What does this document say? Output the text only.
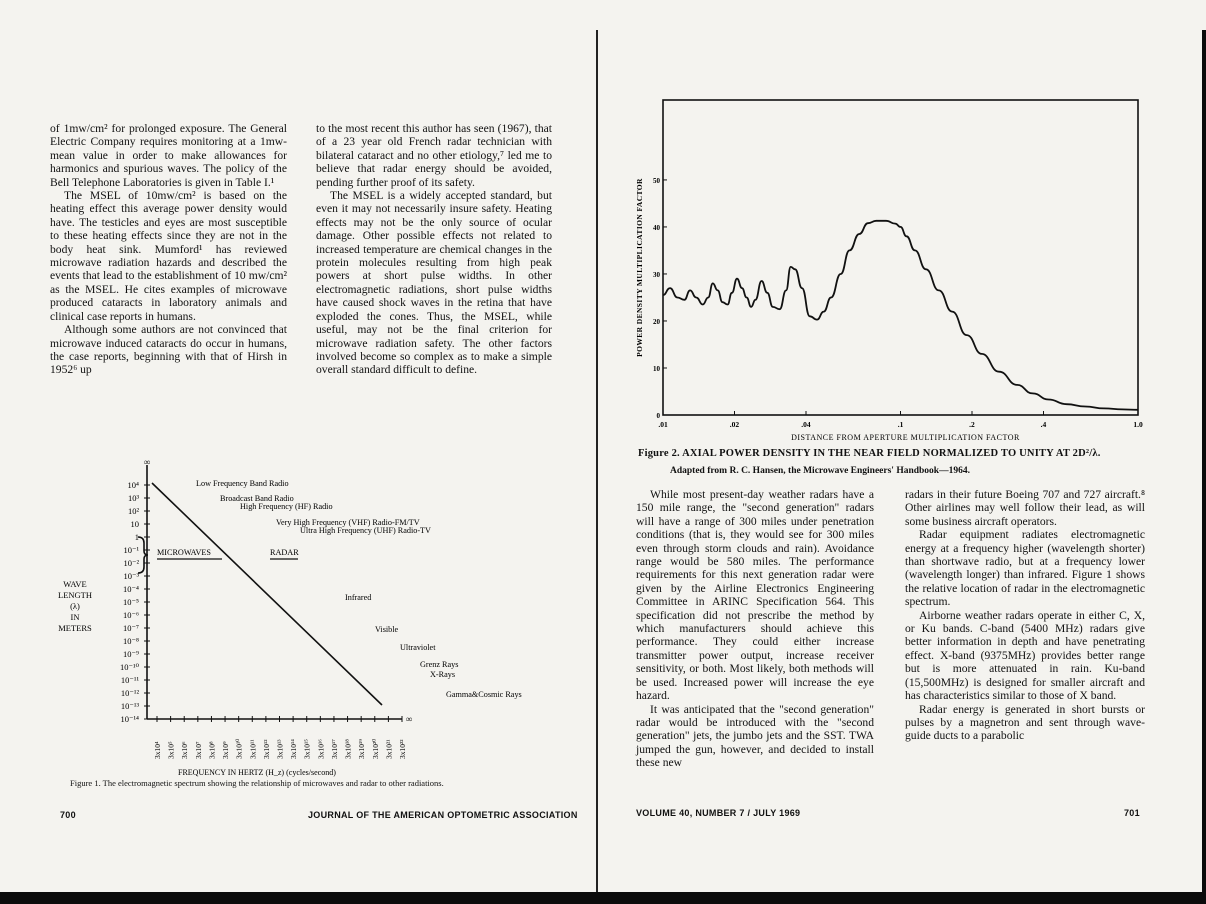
of 1mw/cm² for prolonged exposure. The General Electric Company requires monitoring at a 1mw-mean value in order to make allowances for harmonics and spurious waves. The policy of the Bell Telephone Laboratories is given in Table I.¹

The MSEL of 10mw/cm² is based on the heating effect this average power density would have. The testicles and eyes are most susceptible to these heating effects since they are not in the body heat sink. Mumford¹ has reviewed microwave radiation hazards and described the events that lead to the establishment of 10 mw/cm² as the MSEL. He cites examples of microwave produced cataracts in laboratory animals and clinical case reports in humans.

Although some authors are not convinced that microwave induced cataracts do occur in humans, the case reports, beginning with that of Hirsh in 1952⁶ up

to the most recent this author has seen (1967), that of a 23 year old French radar technician with bilateral cataract and no other etiology,⁷ led me to believe that radar energy should be avoided, pending further proof of its safety.

The MSEL is a widely accepted standard, but even it may not necessarily insure safety. Heating effects may not be the only source of ocular damage. Other possible effects not related to increased temperature are chemical changes in the protein molecules resulting from high peak powers at short pulse widths. In other electromagnetic radiations, short pulse widths have caused shock waves in the retina that have exploded the cones. Thus, the MSEL, while useful, may not be the final criterion for microwave radiation safety. The other factors involved become so complex as to make a simple overall standard difficult to define.

∞
10⁴
10³
10²
10
1
10⁻¹
10⁻²
10⁻³
10⁻⁴
10⁻⁵
10⁻⁶
10⁻⁷
10⁻⁸
10⁻⁹
10⁻¹⁰
10⁻¹¹
10⁻¹²
10⁻¹³
10⁻¹⁴
WAVE
LENGTH
(λ)
IN
METERS
∞
3x10⁴ 3x10⁵ 3x10⁶ 3x10⁷ 3x10⁸ 3x10⁹ 3x10¹⁰ 3x10¹¹ 3x10¹² 3x10¹³ 3x10¹⁴ 3x10¹⁵ 3x10¹⁶ 3x10¹⁷ 3x10¹⁸ 3x10¹⁹ 3x10²⁰ 3x10²¹ 3x10²²
FREQUENCY IN HERTZ (H_z) (cycles/second)
Low Frequency Band Radio
Broadcast Band Radio
High Frequency (HF) Radio
Very High Frequency (VHF) Radio-FM/TV
Ultra High Frequency (UHF) Radio-TV
MICROWAVES	RADAR
Infrared
Visible
Ultraviolet
Grenz Rays
X-Rays
Gamma&Cosmic Rays
Figure 1. The electromagnetic spectrum showing the relationship of microwaves and radar to other radiations.
700	JOURNAL OF THE AMERICAN OPTOMETRIC ASSOCIATION
0
10
20
30
40
50
.01	.02	.04	.1	.2	.4	1.0
DISTANCE FROM APERTURE MULTIPLICATION FACTOR
POWER DENSITY MULTIPLICATION FACTOR
Figure 2. AXIAL POWER DENSITY IN THE NEAR FIELD NORMALIZED TO UNITY AT 2D²/λ.
Adapted from R. C. Hansen, the Microwave Engineers' Handbook—1964.

While most present-day weather radars have a 150 mile range, the "second generation" radars will have a range of 300 miles under penetration conditions (that is, they would see for 300 miles even through storm clouds and rain). Avoidance range would be 580 miles. The performance requirements for this next generation radar were given by the Airline Electronics Engineering Committee in ARINC Specification 564. This specification did not prescribe the method by which manufacturers should achieve this performance. They could either increase transmitter power output, increase receiver sensitivity, or both. Most likely, both methods will be used. Increased power will increase the eye hazard.

It was anticipated that the "second generation" radar would be introduced with the "second generation" jets, the jumbo jets and the SST. TWA jumped the gun, however, and decided to install these new

radars in their future Boeing 707 and 727 aircraft.⁸ Other airlines may well follow their lead, as will some business aircraft operators.

Radar equipment radiates electromagnetic energy at a frequency higher (wavelength shorter) than shortwave radio, but at a frequency lower (wavelength longer) than infrared. Figure 1 shows the relative location of radar in the electromagnetic spectrum.

Airborne weather radars operate in either C, X, or Ku bands. C-band (5400 MHz) radars give better information in depth and have penetrating effect. X-band (9375MHz) provides better range but is more attenuated in rain. Ku-band (15,500MHz) is designed for smaller aircraft and has characteristics similar to those of X band.

Radar energy is generated in short bursts or pulses by a magnetron and sent through wave-guide ducts to a parabolic

VOLUME 40, NUMBER 7 / JULY 1969	701
